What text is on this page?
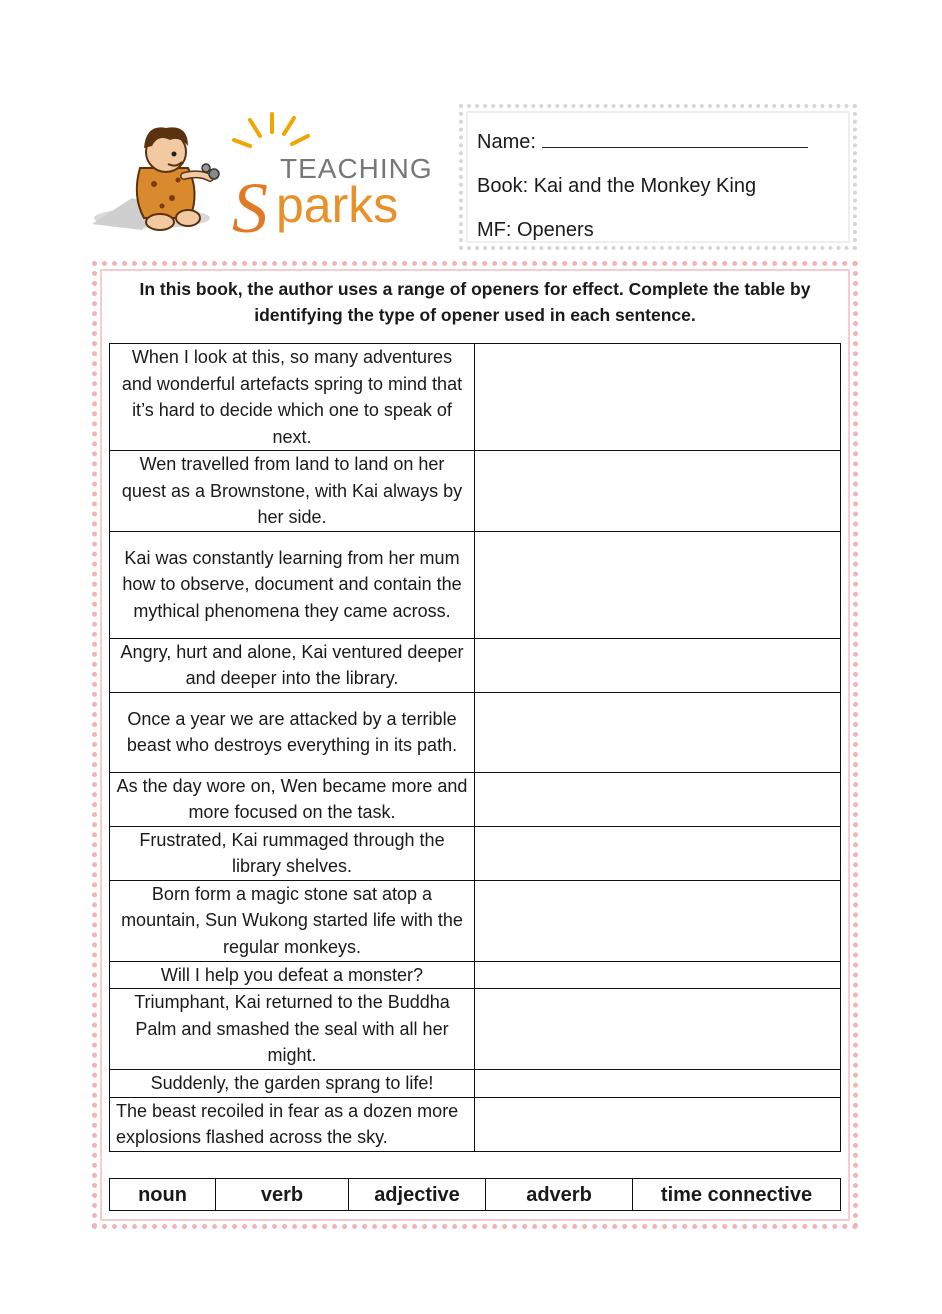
TEACHING
S parks
Name:
Book: Kai and the Monkey King
MF: Openers
In this book, the author uses a range of openers for effect. Complete the table by identifying the type of opener used in each sentence.
When I look at this, so many adventures and wonderful artefacts spring to mind that it’s hard to decide which one to speak of next.	
Wen travelled from land to land on her quest as a Brownstone, with Kai always by her side.	
Kai was constantly learning from her mum how to observe, document and contain the mythical phenomena they came across.	
Angry, hurt and alone, Kai ventured deeper and deeper into the library.	
Once a year we are attacked by a terrible beast who destroys everything in its path.	
As the day wore on, Wen became more and more focused on the task.	
Frustrated, Kai rummaged through the library shelves.	
Born form a magic stone sat atop a mountain, Sun Wukong started life with the regular monkeys.	
Will I help you defeat a monster?	
Triumphant, Kai returned to the Buddha Palm and smashed the seal with all her might.	
Suddenly, the garden sprang to life!	
The beast recoiled in fear as a dozen more explosions flashed across the sky.	
noun	verb	adjective	adverb	time connective
